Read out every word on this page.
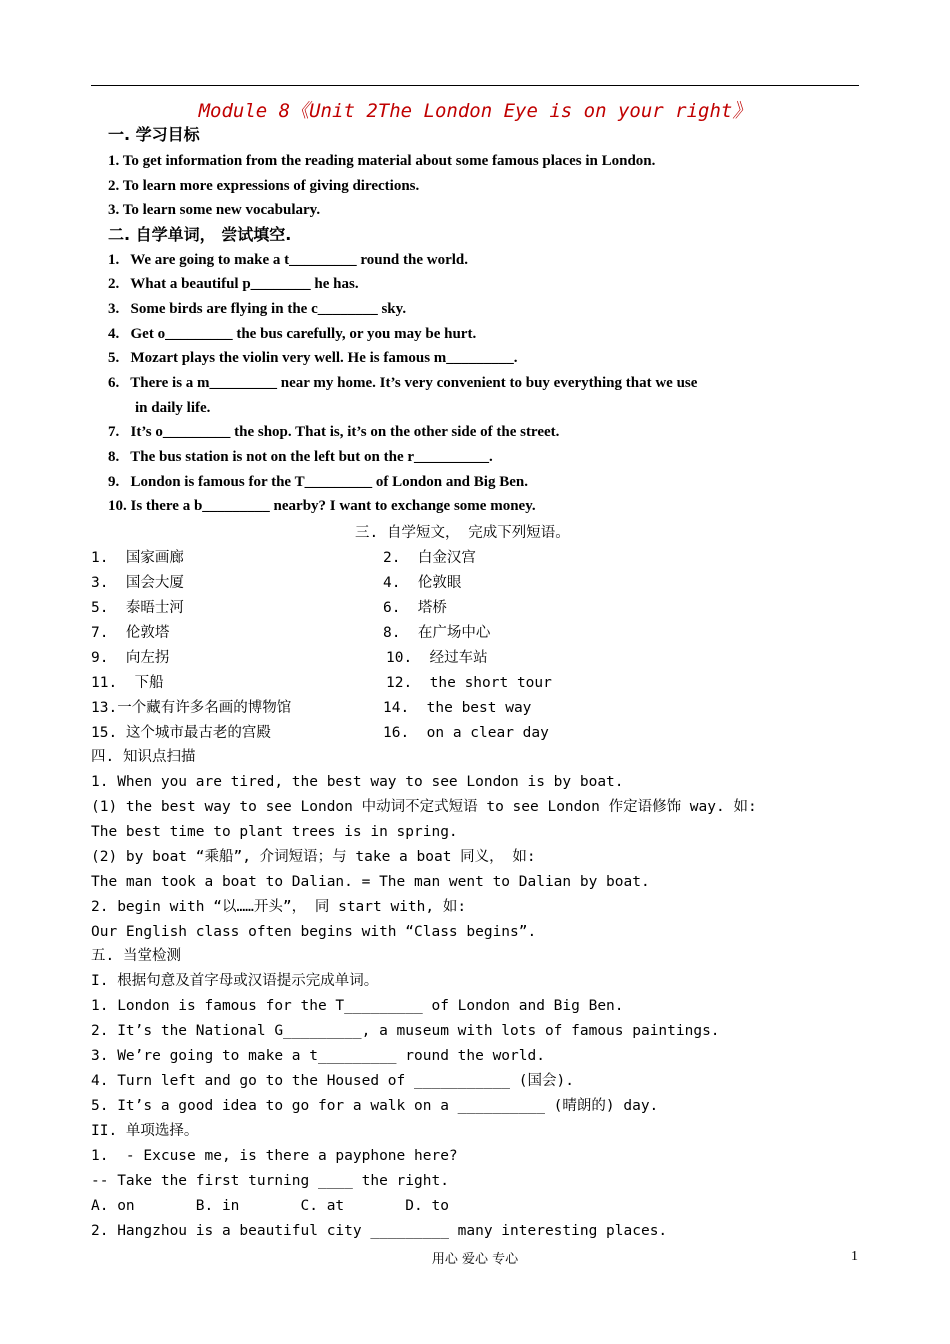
Module 8《Unit 2The London Eye is on your right》
一. 学习目标
1. To get information from the reading material about some famous places in London.
2. To learn more expressions of giving directions.
3. To learn some new vocabulary.
二. 自学单词， 尝试填空.
1.   We are going to make a t_________ round the world.
2.   What a beautiful p________ he has.
3.   Some birds are flying in the c________ sky.
4.   Get o_________ the bus carefully, or you may be hurt.
5.   Mozart plays the violin very well. He is famous m_________.
6.   There is a m_________ near my home. It’s very convenient to buy everything that we use
in daily life.
7.   It’s o_________ the shop. That is, it’s on the other side of the street.
8.   The bus station is not on the left but on the r__________.
9.   London is famous for the T_________ of London and Big Ben.
10. Is there a b_________ nearby? I want to exchange some money.
三. 自学短文， 完成下列短语。
1.  国家画廊	2.  白金汉宫
3.  国会大厦	4.  伦敦眼
5.  泰晤士河	6.  塔桥
7.  伦敦塔	8.  在广场中心
9.  向左拐	10.  经过车站
11.  下船	12.  the short tour
13.一个藏有许多名画的博物馆	14.  the best way
15. 这个城市最古老的宫殿	16.  on a clear day
四. 知识点扫描
1. When you are tired, the best way to see London is by boat.
(1) the best way to see London 中动词不定式短语 to see London 作定语修饰 way. 如:
The best time to plant trees is in spring.
(2) by boat “乘船”, 介词短语；与 take a boat 同义， 如:
The man took a boat to Dalian. = The man went to Dalian by boat.
2. begin with “以……开头”， 同 start with, 如:
Our English class often begins with “Class begins”.
五. 当堂检测
I. 根据句意及首字母或汉语提示完成单词。
1. London is famous for the T_________ of London and Big Ben.
2. It’s the National G_________, a museum with lots of famous paintings.
3. We’re going to make a t_________ round the world.
4. Turn left and go to the Housed of ___________ (国会).
5. It’s a good idea to go for a walk on a __________ (晴朗的) day.
II. 单项选择。
1.  - Excuse me, is there a payphone here?
-- Take the first turning ____ the right.
A. on       B. in       C. at       D. to
2. Hangzhou is a beautiful city _________ many interesting places.
用心 爱心 专心	1
